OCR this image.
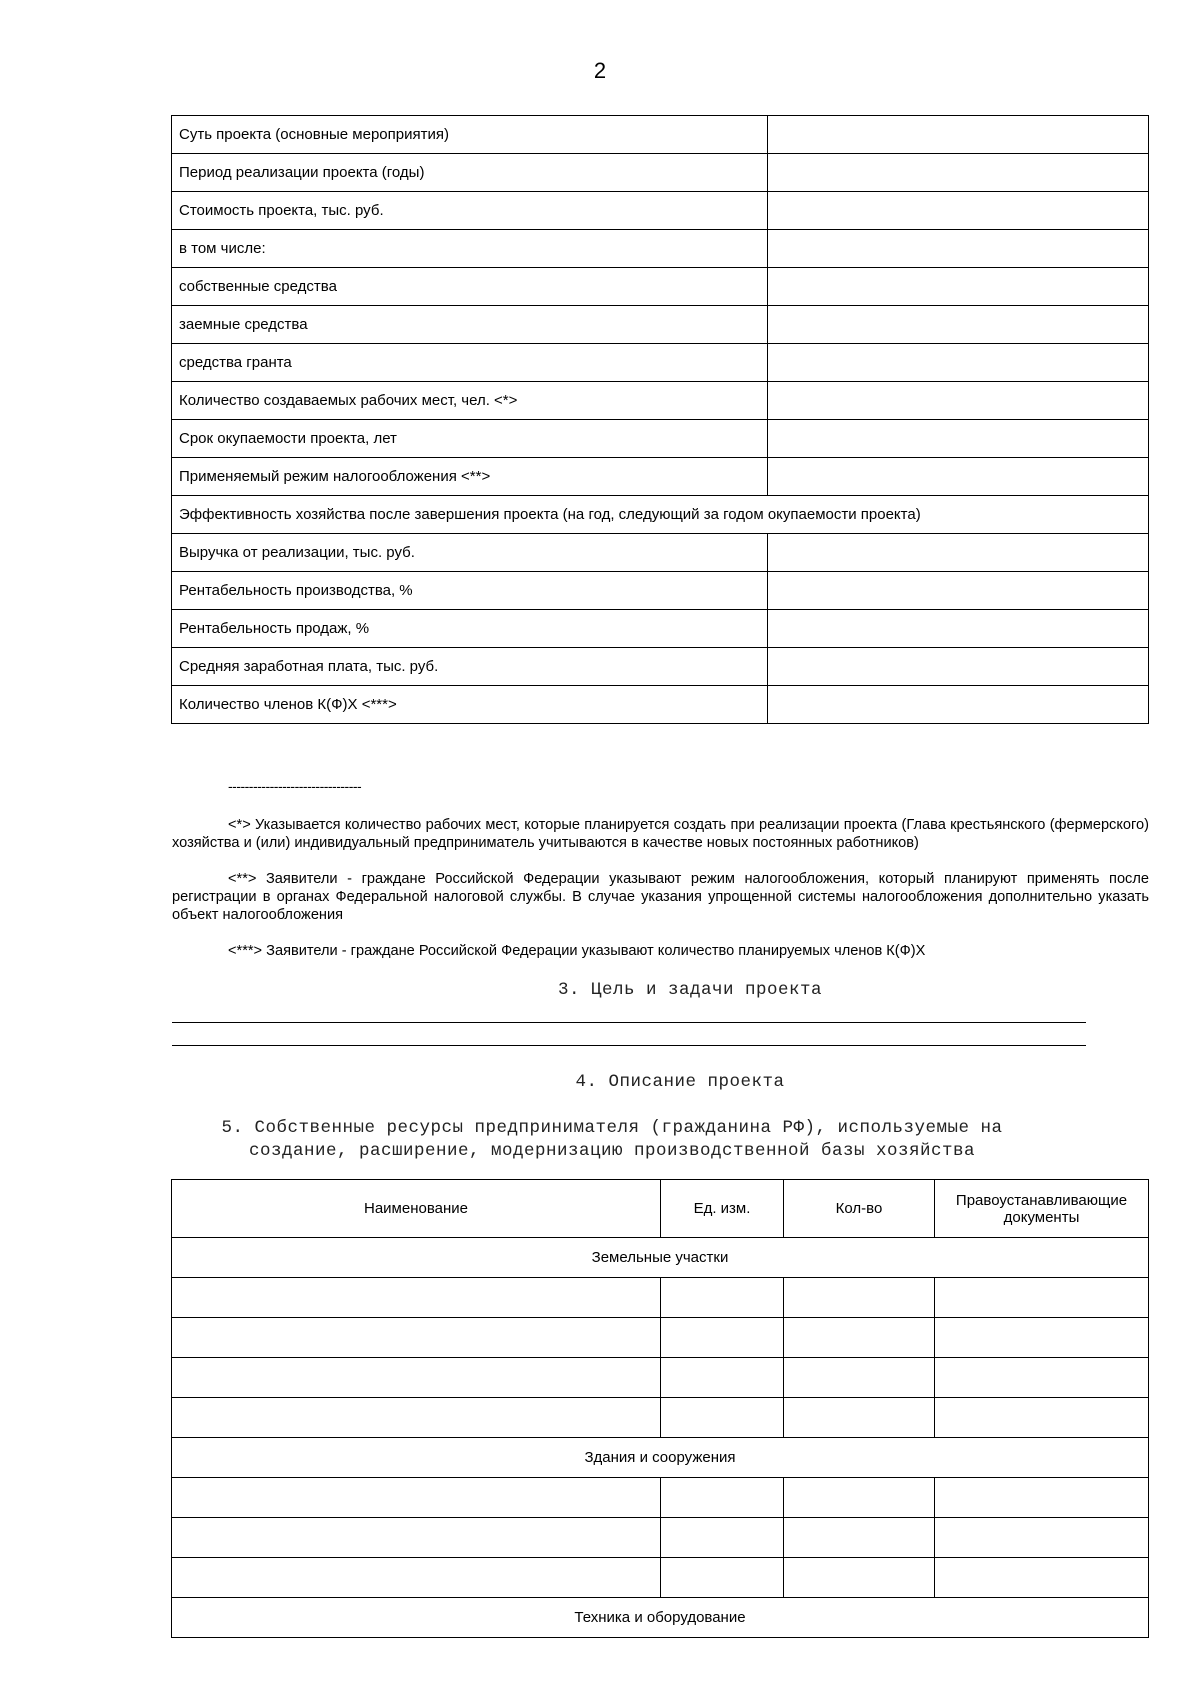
2
Суть проекта (основные мероприятия)	
Период реализации проекта (годы)	
Стоимость проекта, тыс. руб.	
в том числе:	
собственные средства	
заемные средства	
средства гранта	
Количество создаваемых рабочих мест, чел. <*>	
Срок окупаемости проекта, лет	
Применяемый режим налогообложения <**>	
Эффективность хозяйства после завершения проекта (на год, следующий за годом окупаемости проекта)	
Выручка от реализации, тыс. руб.	
Рентабельность производства, %	
Рентабельность продаж, %	
Средняя заработная плата, тыс. руб.	
Количество членов К(Ф)Х <***>	
--------------------------------

<*> Указывается количество рабочих мест, которые планируется создать при реализации проекта (Глава крестьянского (фермерского) хозяйства и (или) индивидуальный предприниматель учитываются в качестве новых постоянных работников)

<**> Заявители - граждане Российской Федерации указывают режим налогообложения, который планируют применять после регистрации в органах Федеральной налоговой службы. В случае указания упрощенной системы налогообложения дополнительно указать объект налогообложения

<***> Заявители - граждане Российской Федерации указывают количество планируемых членов К(Ф)Х

3. Цель и задачи проекта
4. Описание проекта
5. Собственные ресурсы предпринимателя (гражданина РФ), используемые на
создание, расширение, модернизацию производственной базы хозяйства
Наименование	Ед. изм.	Кол-во	Правоустанавливающие документы
Земельные участки			

Здания и сооружения			

Техника и оборудование			
